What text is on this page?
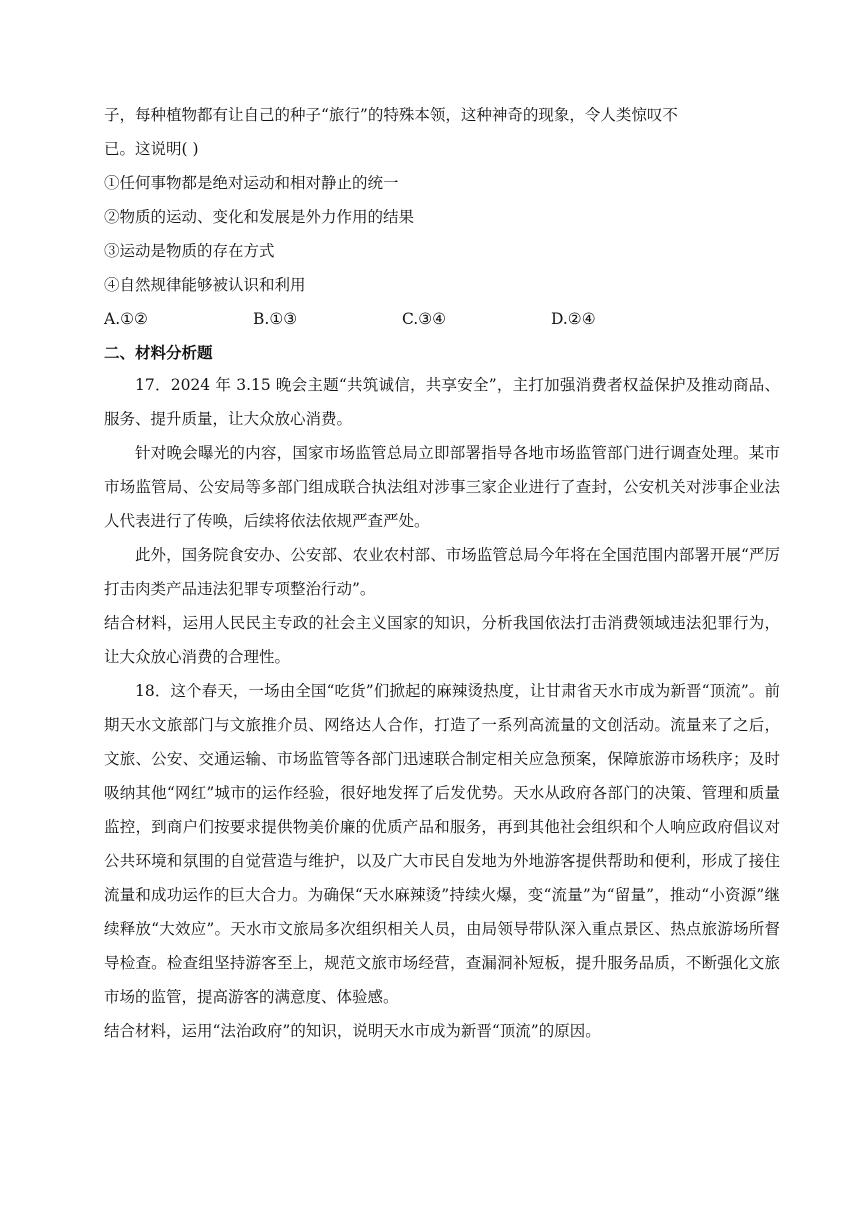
子，每种植物都有让自己的种子“旅行”的特殊本领，这种神奇的现象，令人类惊叹不
已。这说明( )
①任何事物都是绝对运动和相对静止的统一
②物质的运动、变化和发展是外力作用的结果
③运动是物质的存在方式
④自然规律能够被认识和利用
A.①②	B.①③	C.③④	D.②④
二、材料分析题
17．2024 年 3.15 晚会主题“共筑诚信，共享安全”，主打加强消费者权益保护及推动商品、服务、提升质量，让大众放心消费。
针对晚会曝光的内容，国家市场监管总局立即部署指导各地市场监管部门进行调查处理。某市市场监管局、公安局等多部门组成联合执法组对涉事三家企业进行了查封，公安机关对涉事企业法人代表进行了传唤，后续将依法依规严查严处。
此外，国务院食安办、公安部、农业农村部、市场监管总局今年将在全国范围内部署开展“严厉打击肉类产品违法犯罪专项整治行动”。
结合材料，运用人民民主专政的社会主义国家的知识，分析我国依法打击消费领域违法犯罪行为，让大众放心消费的合理性。
18．这个春天，一场由全国“吃货”们掀起的麻辣烫热度，让甘肃省天水市成为新晋“顶流”。前期天水文旅部门与文旅推介员、网络达人合作，打造了一系列高流量的文创活动。流量来了之后，文旅、公安、交通运输、市场监管等各部门迅速联合制定相关应急预案，保障旅游市场秩序；及时吸纳其他“网红”城市的运作经验，很好地发挥了后发优势。天水从政府各部门的决策、管理和质量监控，到商户们按要求提供物美价廉的优质产品和服务，再到其他社会组织和个人响应政府倡议对公共环境和氛围的自觉营造与维护，以及广大市民自发地为外地游客提供帮助和便利，形成了接住流量和成功运作的巨大合力。为确保“天水麻辣烫”持续火爆，变“流量”为“留量”，推动“小资源”继续释放“大效应”。天水市文旅局多次组织相关人员，由局领导带队深入重点景区、热点旅游场所督导检查。检查组坚持游客至上，规范文旅市场经营，查漏洞补短板，提升服务品质，不断强化文旅市场的监管，提高游客的满意度、体验感。
结合材料，运用“法治政府”的知识，说明天水市成为新晋“顶流”的原因。
